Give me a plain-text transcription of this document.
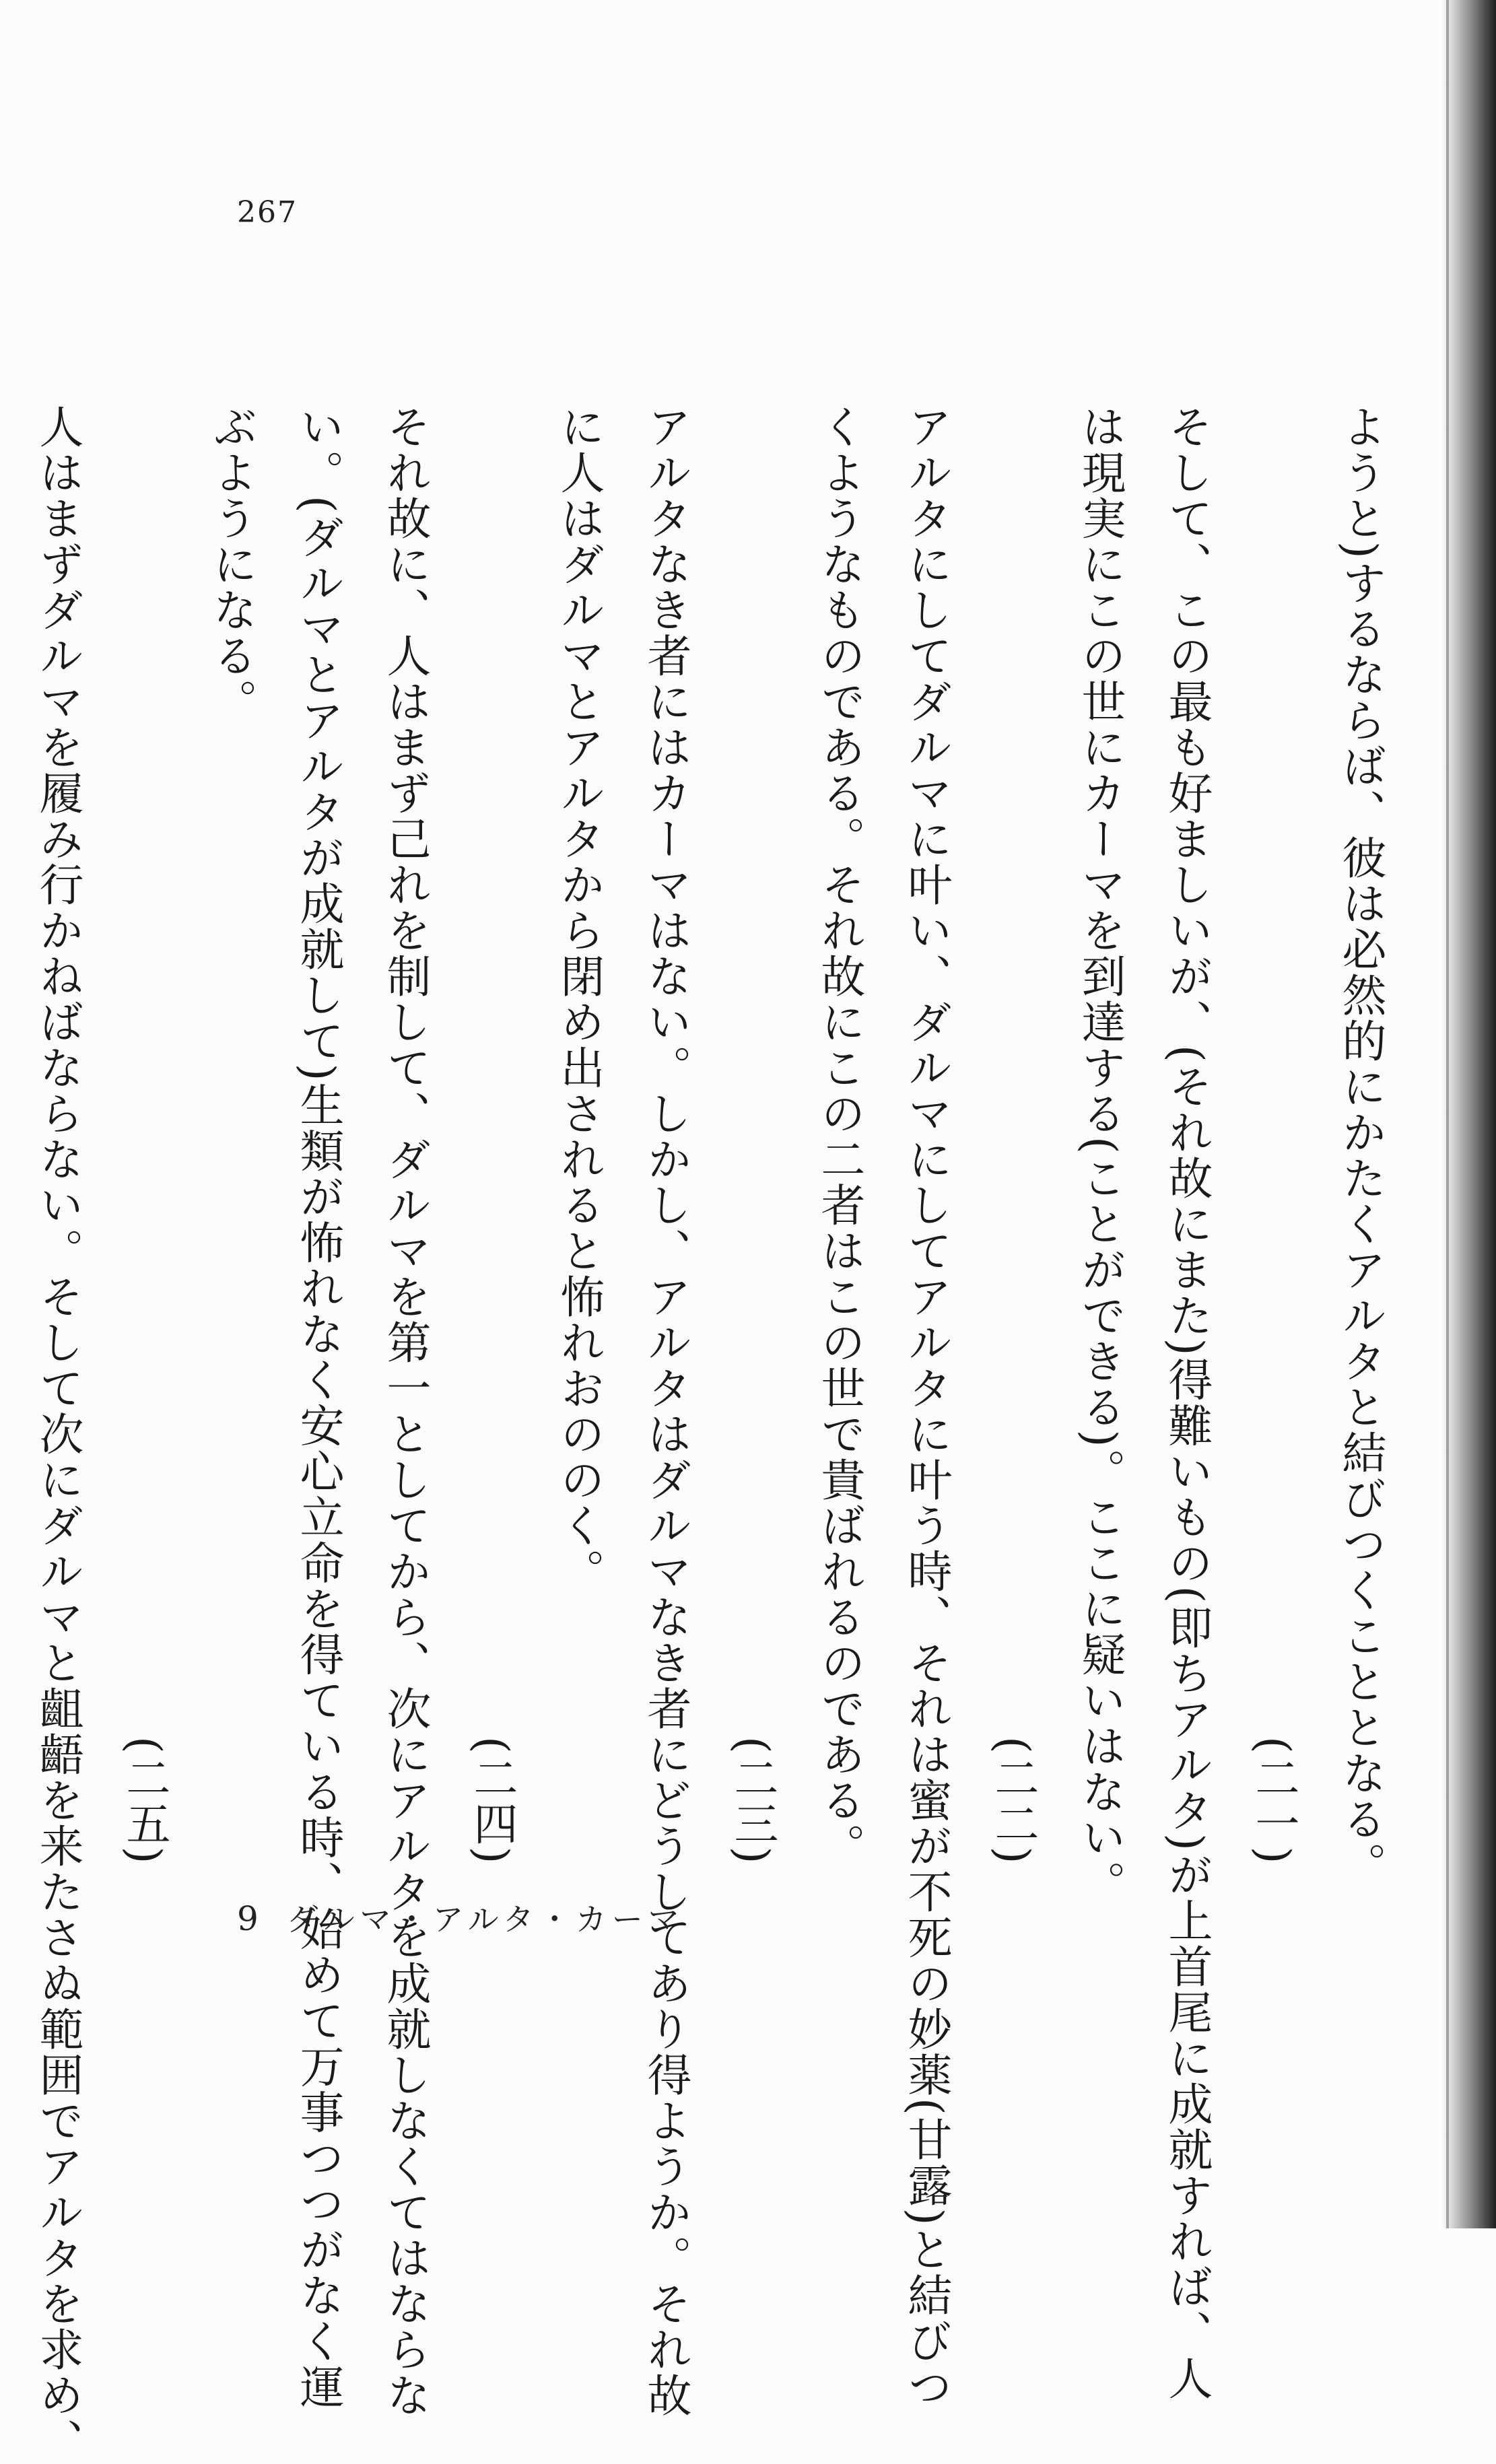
267
ようと)するならば、彼は必然的にかたくアルタと結びつくこととなる。
(二一)
そして、この最も好ましいが、(それ故にまた)得難いもの(即ちアルタ)が上首尾に成就すれば、人
は現実にこの世にカーマを到達する(ことができる)。ここに疑いはない。
(二二)
アルタにしてダルマに叶い、ダルマにしてアルタに叶う時、それは蜜が不死の妙薬(甘露)と結びつ
くようなものである。それ故にこの二者はこの世で貴ばれるのである。
(二三)
アルタなき者にはカーマはない。しかし、アルタはダルマなき者にどうしてあり得ようか。それ故
に人はダルマとアルタから閉め出されると怖れおののく。
(二四)
それ故に、人はまず己れを制して、ダルマを第一としてから、次にアルタを成就しなくてはならな
い。(ダルマとアルタが成就して)生類が怖れなく安心立命を得ている時、始めて万事つつがなく運
ぶようになる。
(二五)
人はまずダルマを履み行かねばならない。そして次にダルマと齟齬を来たさぬ範囲でアルタを求め、	9 ダルマ・アルタ・カーマ
